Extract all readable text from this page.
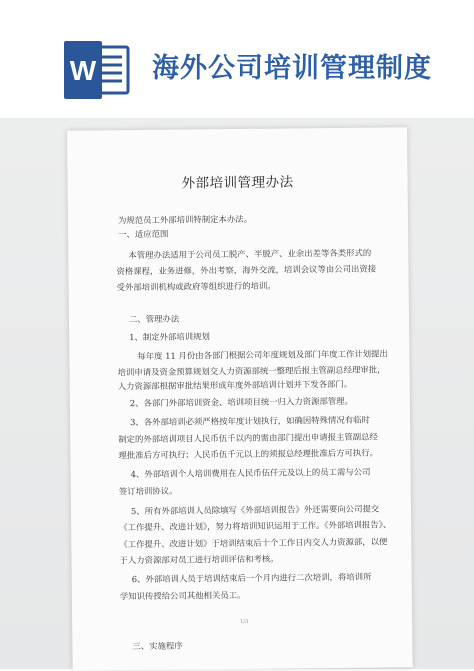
W 海外公司培训管理制度
外部培训管理办法
为规范员工外部培训特制定本办法。
一、适应范围
本管理办法适用于公司员工脱产、半脱产、业余出差等各类形式的
资格课程，业务进修，外出考察，海外交流，培训会议等由公司出资接
受外部培训机构或政府等组织进行的培训。
二、管理办法
1、制定外部培训规划
每年度 11 月份由各部门根据公司年度规划及部门年度工作计划提出
培训申请及资金预算规划交人力资源部统一整理后报主管副总经理审批，
人力资源部根据审批结果形成年度外部培训计划并下发各部门。
2、各部门外部培训资金、培训项目统一归入力资源部管理。
3、各外部培训必须严格按年度计划执行，如确因特殊情况有临时
制定的外部培训项目人民币伍千以内的需由部门提出申请报主管副总经
理批准后方可执行；人民币伍千元以上的须报总经理批准后方可执行。
4、外部培训个人培训费用在人民币伍仟元及以上的员工需与公司
签订培训协议。
5、所有外部培训人员除填写《外部培训报告》外还需要向公司提交
《工作提升、改进计划》，努力将培训知识运用于工作。《外部培训报告》、
《工作提升、改进计划》于培训结束后十个工作日内交人力资源部，以便
于人力资源部对员工进行培训评估和考核。
6、外部培训人员于培训结束后一个月内进行二次培训，将培训所
学知识传授给公司其他相关员工。
1/3
三、实施程序
